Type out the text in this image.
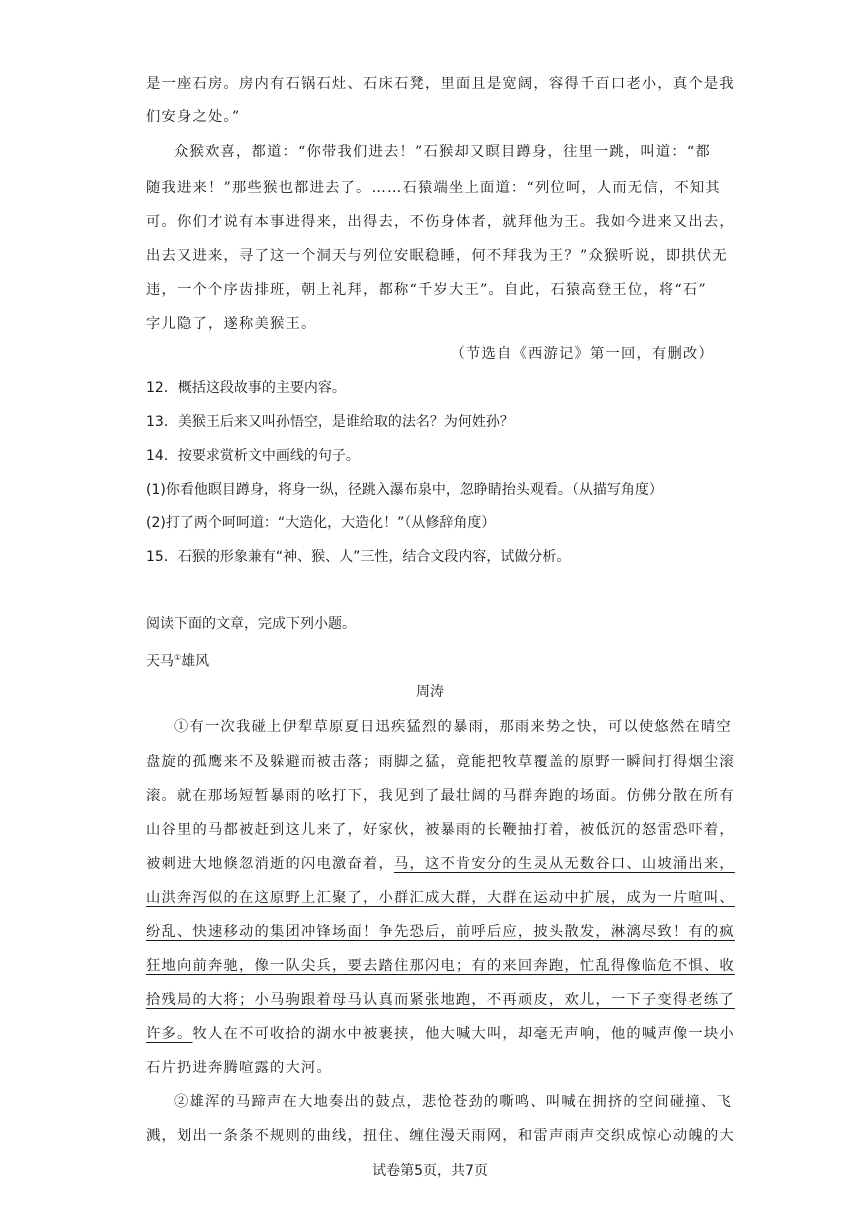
是一座石房。房内有石锅石灶、石床石凳，里面且是宽阔，容得千百口老小，真个是我
们安身之处。”
众猴欢喜，都道：“你带我们进去！”石猴却又瞑目蹲身，往里一跳，叫道：“都
随我进来！”那些猴也都进去了。……石猿端坐上面道：“列位呵，人而无信，不知其
可。你们才说有本事进得来，出得去，不伤身体者，就拜他为王。我如今进来又出去，
出去又进来，寻了这一个洞天与列位安眠稳睡，何不拜我为王？”众猴听说，即拱伏无
违，一个个序齿排班，朝上礼拜，都称“千岁大王”。自此，石猿高登王位，将“石”
字儿隐了，遂称美猴王。
（节选自《西游记》第一回，有删改）
12．概括这段故事的主要内容。
13．美猴王后来又叫孙悟空，是谁给取的法名？为何姓孙？
14．按要求赏析文中画线的句子。
(1)你看他瞑目蹲身，将身一纵，径跳入瀑布泉中，忽睁睛抬头观看。（从描写角度）
(2)打了两个呵呵道：“大造化，大造化！”（从修辞角度）
15．石猴的形象兼有“神、猴、人”三性，结合文段内容，试做分析。
阅读下面的文章，完成下列小题。
天马①雄风
周涛
①有一次我碰上伊犁草原夏日迅疾猛烈的暴雨，那雨来势之快，可以使悠然在晴空
盘旋的孤鹰来不及躲避而被击落；雨脚之猛，竟能把牧草覆盖的原野一瞬间打得烟尘滚
滚。就在那场短暂暴雨的吆打下，我见到了最壮阔的马群奔跑的场面。仿佛分散在所有
山谷里的马都被赶到这儿来了，好家伙，被暴雨的长鞭抽打着，被低沉的怒雷恐吓着，
被刺进大地倏忽消逝的闪电激奋着，马，这不肯安分的生灵从无数谷口、山坡涌出来，
山洪奔泻似的在这原野上汇聚了，小群汇成大群，大群在运动中扩展，成为一片喧叫、
纷乱、快速移动的集团冲锋场面！争先恐后，前呼后应，披头散发，淋漓尽致！有的疯
狂地向前奔驰，像一队尖兵，要去踏住那闪电；有的来回奔跑，忙乱得像临危不惧、收
拾残局的大将；小马驹跟着母马认真而紧张地跑，不再顽皮，欢儿，一下子变得老练了
许多。牧人在不可收拾的湖水中被裹挟，他大喊大叫，却毫无声响，他的喊声像一块小
石片扔进奔腾喧露的大河。
②雄浑的马蹄声在大地奏出的鼓点，悲怆苍劲的嘶鸣、叫喊在拥挤的空间碰撞、飞
溅，划出一条条不规则的曲线，扭住、缠住漫天雨网，和雷声雨声交织成惊心动魄的大
试卷第5页，共7页
